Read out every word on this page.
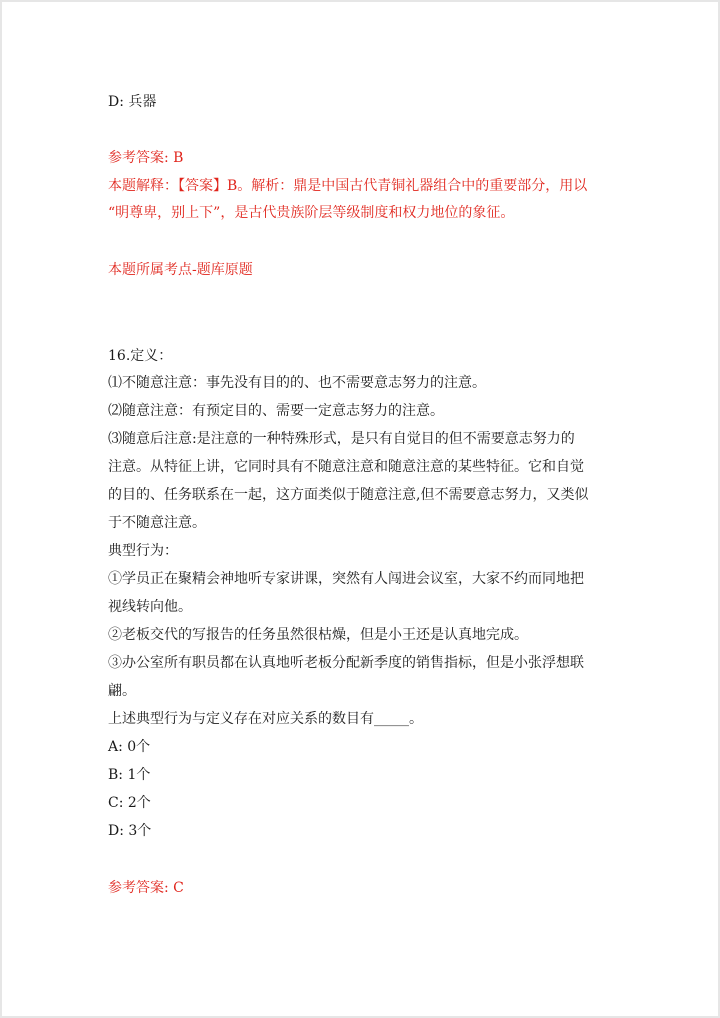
D: 兵器
参考答案: B
本题解释：【答案】B。解析：鼎是中国古代青铜礼器组合中的重要部分，用以
“明尊卑，别上下”，是古代贵族阶层等级制度和权力地位的象征。
本题所属考点-题库原题
16.定义：
⑴不随意注意：事先没有目的的、也不需要意志努力的注意。
⑵随意注意：有预定目的、需要一定意志努力的注意。
⑶随意后注意:是注意的一种特殊形式，是只有自觉目的但不需要意志努力的
注意。从特征上讲，它同时具有不随意注意和随意注意的某些特征。它和自觉
的目的、任务联系在一起，这方面类似于随意注意,但不需要意志努力，又类似
于不随意注意。
典型行为：
①学员正在聚精会神地听专家讲课，突然有人闯进会议室，大家不约而同地把
视线转向他。
②老板交代的写报告的任务虽然很枯燥，但是小王还是认真地完成。
③办公室所有职员都在认真地听老板分配新季度的销售指标，但是小张浮想联
翩。
上述典型行为与定义存在对应关系的数目有_____。
A: 0个
B: 1个
C: 2个
D: 3个
参考答案: C
